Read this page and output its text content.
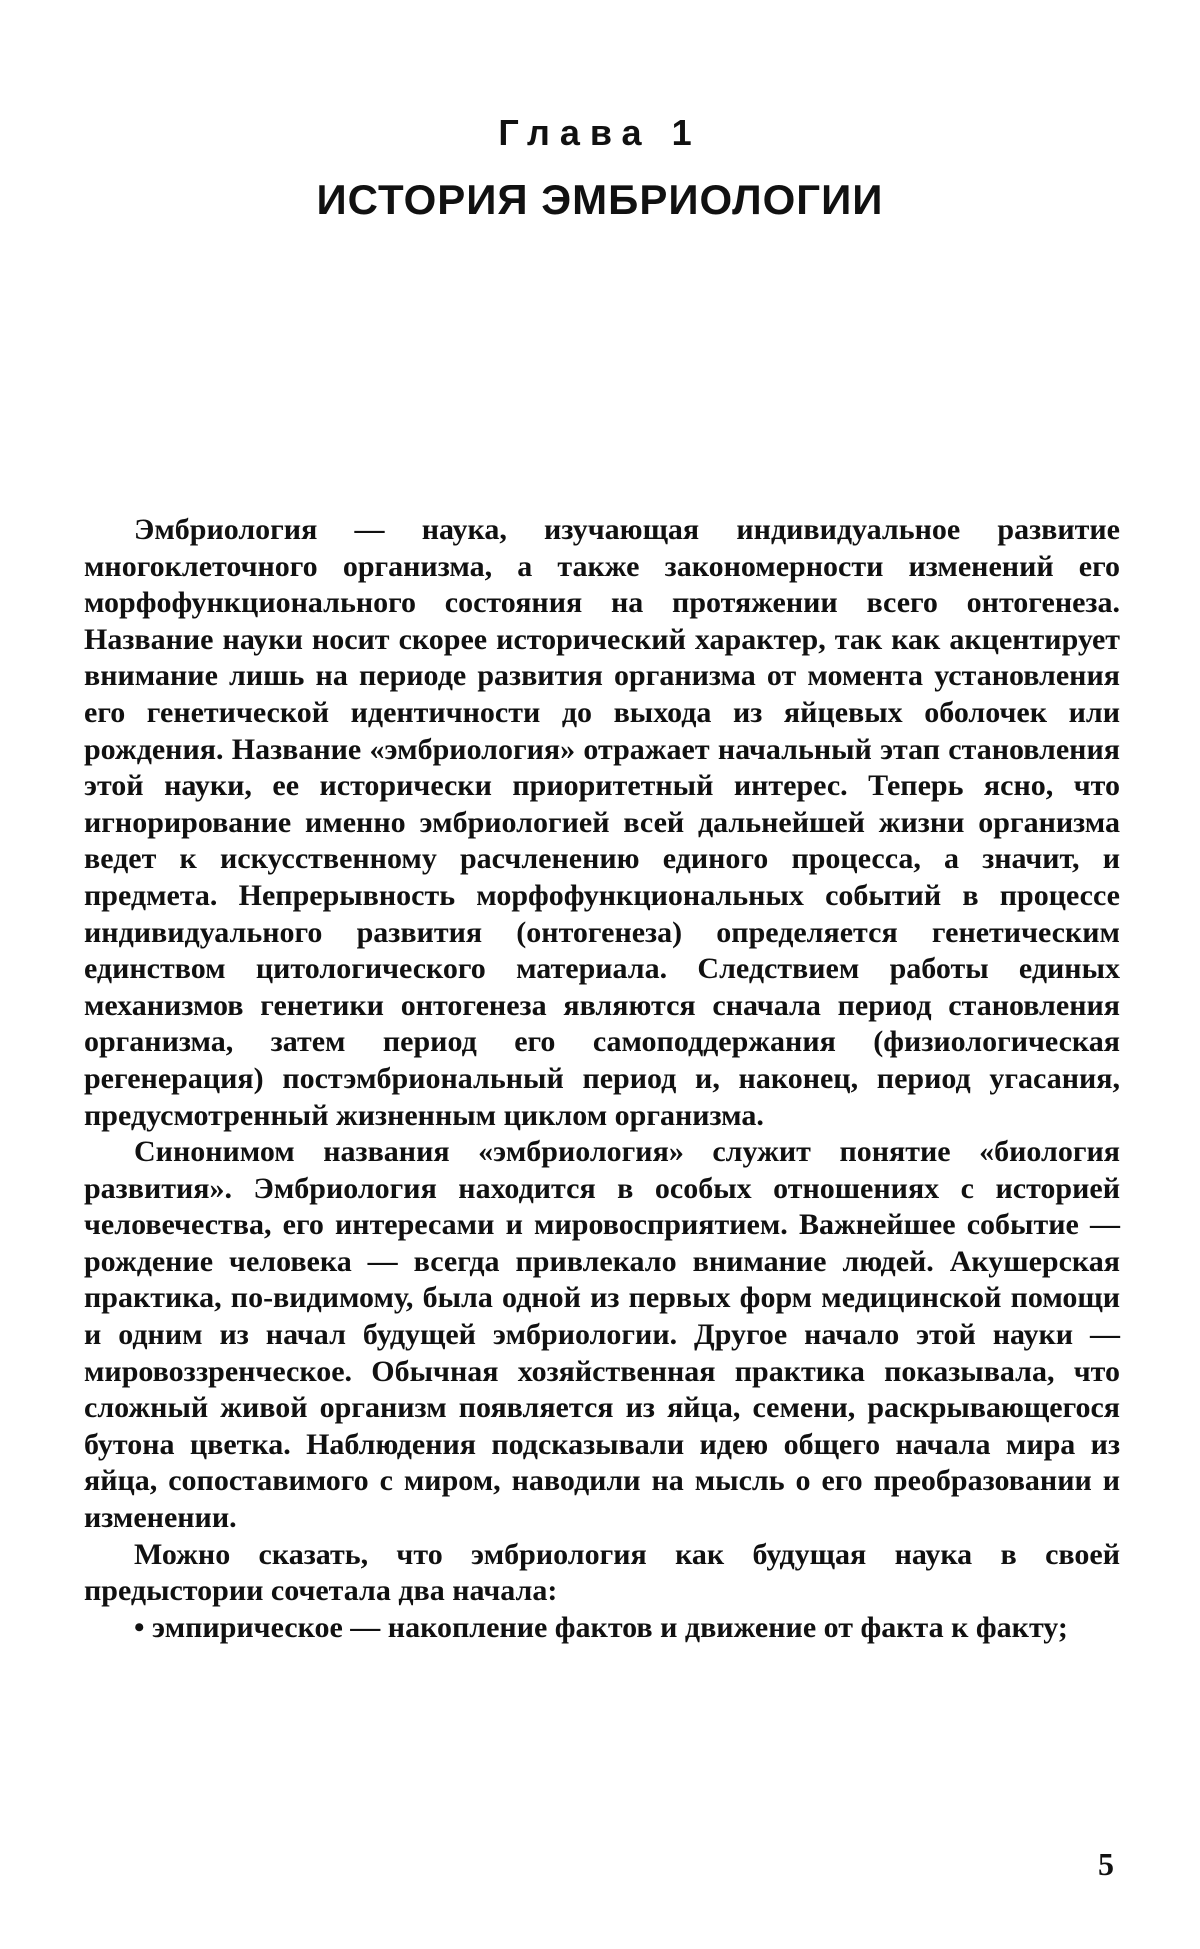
Глава 1
ИСТОРИЯ ЭМБРИОЛОГИИ

Эмбриология — наука, изучающая индивидуальное развитие многоклеточного организма, а также закономерности изменений его морфофункционального состояния на протяжении всего онтогенеза. Название науки носит скорее исторический характер, так как акцентирует внимание лишь на периоде развития организма от момента установления его генетической идентичности до выхода из яйцевых оболочек или рождения. Название «эмбриология» отражает начальный этап становления этой науки, ее исторически приоритетный интерес. Теперь ясно, что игнорирование именно эмбриологией всей дальнейшей жизни организма ведет к искусственному расчленению единого процесса, а значит, и предмета. Непрерывность морфофункциональных событий в процессе индивидуального развития (онтогенеза) определяется генетическим единством цитологического материала. Следствием работы единых механизмов генетики онтогенеза являются сначала период становления организма, затем период его самоподдержания (физиологическая регенерация) постэмбриональный период и, наконец, период угасания, предусмотренный жизненным циклом организма.

Синонимом названия «эмбриология» служит понятие «биология развития». Эмбриология находится в особых отношениях с историей человечества, его интересами и мировосприятием. Важнейшее событие — рождение человека — всегда привлекало внимание людей. Акушерская практика, по-видимому, была одной из первых форм медицинской помощи и одним из начал будущей эмбриологии. Другое начало этой науки — мировоззренческое. Обычная хозяйственная практика показывала, что сложный живой организм появляется из яйца, семени, раскрывающегося бутона цветка. Наблюдения подсказывали идею общего начала мира из яйца, сопоставимого с миром, наводили на мысль о его преобразовании и изменении.

Можно сказать, что эмбриология как будущая наука в своей предыстории сочетала два начала:

• эмпирическое — накопление фактов и движение от факта к факту;

5
